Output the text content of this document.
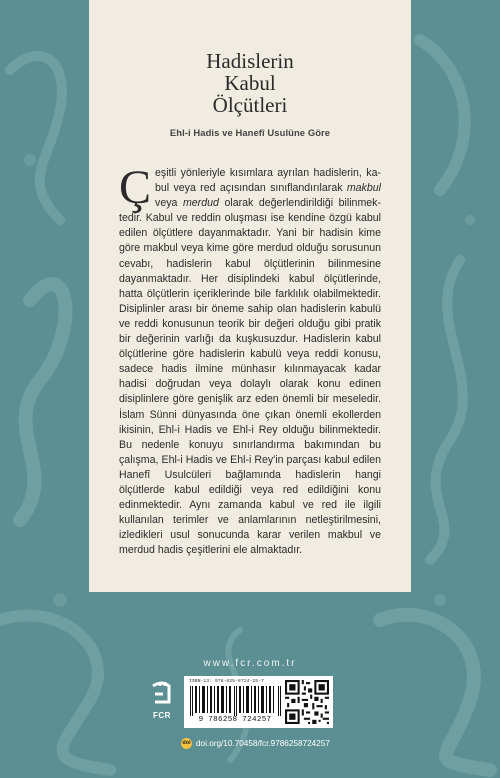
Hadislerin
Kabul
Ölçütleri
Ehl-i Hadis ve Hanefî Usulüne Göre
Çeşitli yönleriyle kısımlara ayrılan hadislerin, ka- bul veya red açısından sınıflandırılarak makbul veya merdud olarak değerlendirildiği bilinmek-tedir. Kabul ve reddin oluşması ise kendine özgü kabul edilen ölçütlere dayanmaktadır. Yani bir hadisin kime göre makbul veya kime göre merdud olduğu sorusunun cevabı, hadislerin kabul ölçütlerinin bilinmesine dayanmaktadır. Her disiplindeki kabul ölçütlerinde, hatta ölçütlerin içeriklerinde bile farklılık olabilmektedir. Disiplinler arası bir öneme sahip olan hadislerin kabulü ve reddi konusunun teorik bir değeri olduğu gibi pratik bir değerinin varlığı da kuşkusuzdur. Hadislerin kabul ölçütlerine göre hadislerin kabulü veya reddi konusu, sadece hadis ilmine münhasır kılınmayacak kadar hadisi doğrudan veya dolaylı olarak konu edinen disiplinlere göre genişlik arz eden önemli bir meseledir. İslam Sünni dünyasında öne çıkan önemli ekollerden ikisinin, Ehl-i Hadis ve Ehl-i Rey olduğu bilinmektedir. Bu nedenle konuyu sınırlandırma bakımından bu çalışma, Ehl-i Hadis ve Ehl-i Rey'in parçası kabul edilen Hanefî Usulcüleri bağlamında hadislerin hangi ölçütlerde kabul edildiği veya red edildiğini konu edinmektedir. Aynı zamanda kabul ve red ile ilgili kullanılan terimler ve anlamlarının netleştirilmesini, izledikleri usul sonucunda karar verilen makbul ve merdud hadis çeşitlerini ele almaktadır.
www.fcr.com.tr
FCR
ISBN-13: 978-625-8724-25-7
9 786258 724257
doi doi.org/10.70458/fcr.9786258724257
